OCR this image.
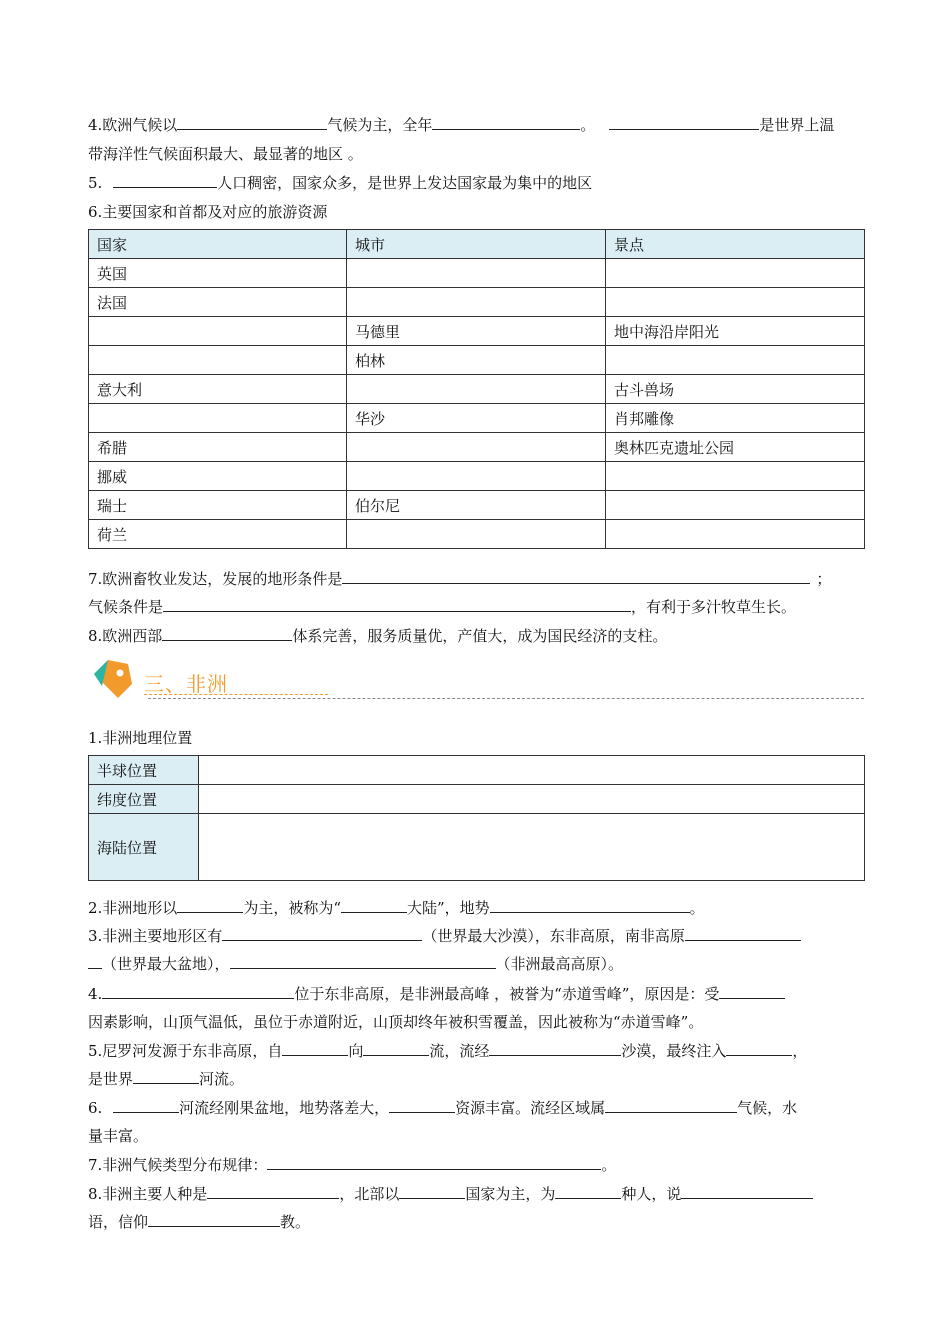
4.欧洲气候以	气候为主，全年	。	是世界上温
带海洋性气候面积最大、最显著的地区 。
5.	人口稠密，国家众多，是世界上发达国家最为集中的地区
6.主要国家和首都及对应的旅游资源
国家	城市	景点
英国		
法国		
	马德里	地中海沿岸阳光
	柏林	
意大利		古斗兽场
	华沙	肖邦雕像
希腊		奥林匹克遗址公园
挪威		
瑞士	伯尔尼	
荷兰		
7.欧洲畜牧业发达，发展的地形条件是	；
气候条件是	，有利于多汁牧草生长。
8.欧洲西部	体系完善，服务质量优，产值大，成为国民经济的支柱。
三、非洲
1.非洲地理位置
半球位置	
纬度位置	
海陆位置	
2.非洲地形以	为主，被称为“	大陆”，地势	。
3.非洲主要地形区有	（世界最大沙漠），东非高原，南非高原
（世界最大盆地），	（非洲最高高原）。
4.	位于东非高原，是非洲最高峰 ，被誉为“赤道雪峰”，原因是：受
因素影响，山顶气温低，虽位于赤道附近，山顶却终年被积雪覆盖，因此被称为“赤道雪峰”。
5.尼罗河发源于东非高原，自	向	流，流经	沙漠，最终注入	，
是世界	河流。
6.	河流经刚果盆地，地势落差大，	资源丰富。流经区域属	气候，水
量丰富。
7.非洲气候类型分布规律：	。
8.非洲主要人种是	，北部以	国家为主，为	种人，说
语，信仰	教。
